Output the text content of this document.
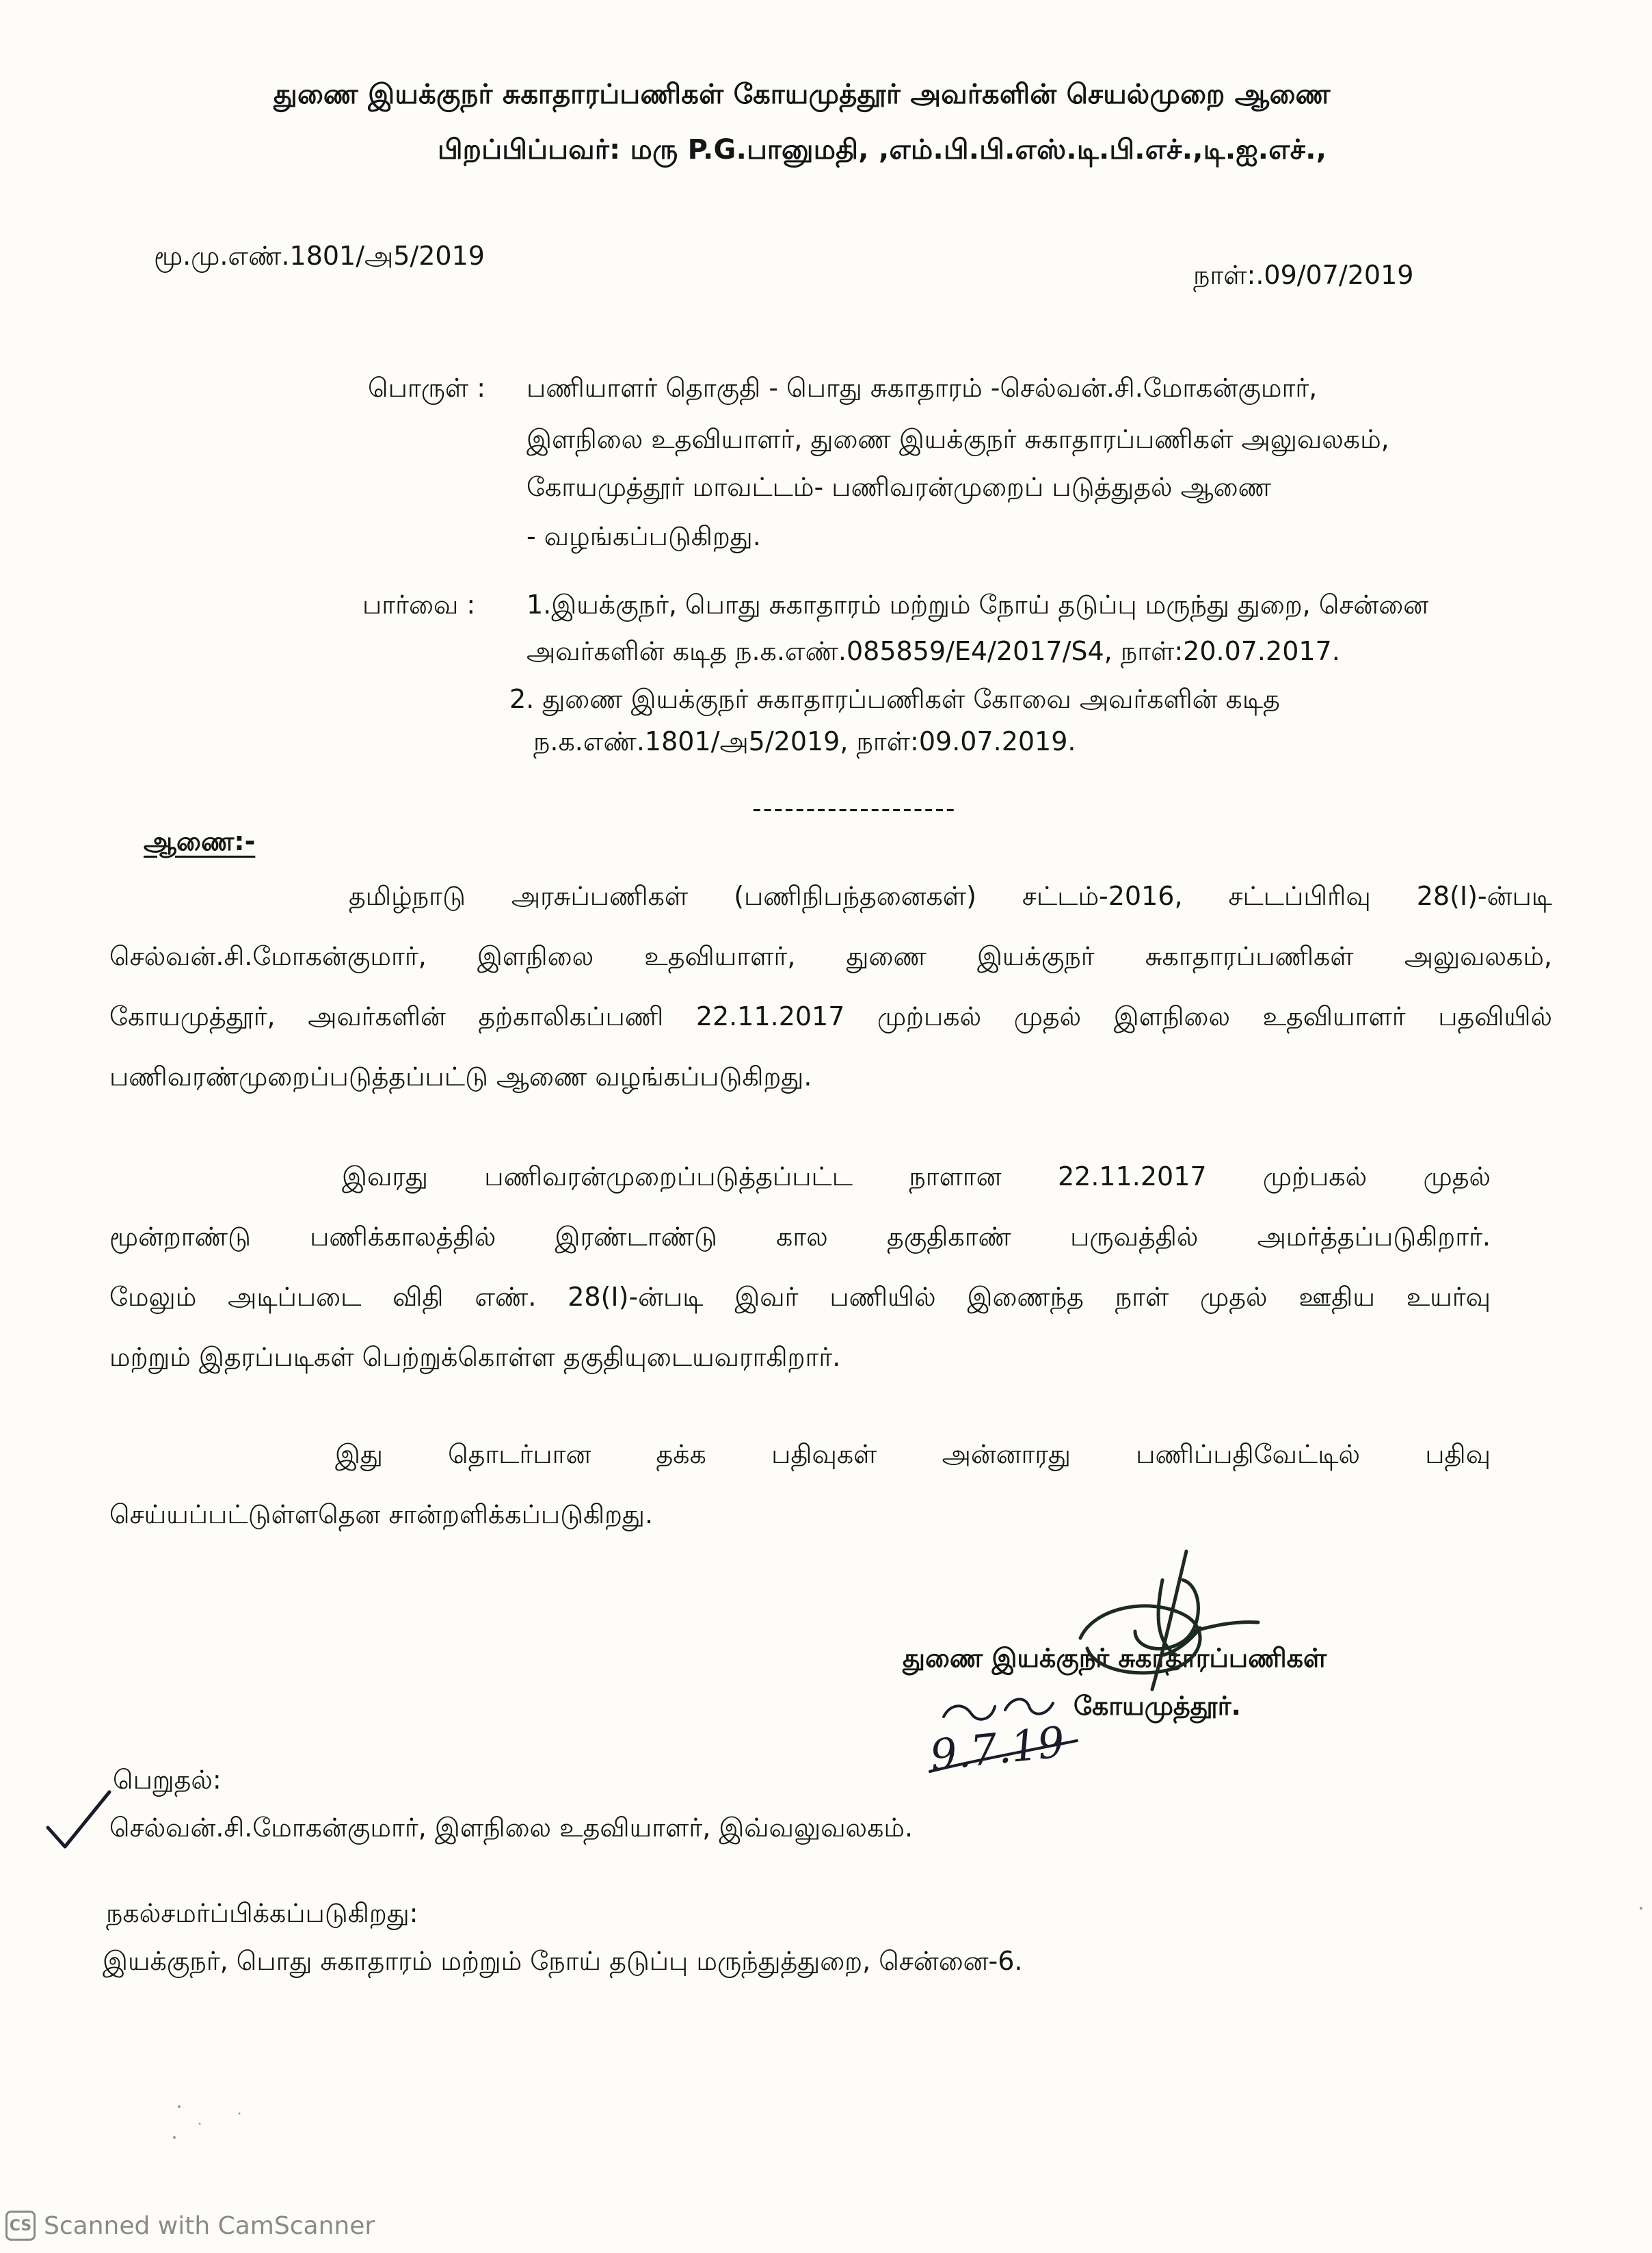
துணை இயக்குநர் சுகாதாரப்பணிகள் கோயமுத்தூர் அவர்களின் செயல்முறை ஆணை
பிறப்பிப்பவர்: மரு P.G.பானுமதி, ,எம்.பி.பி.எஸ்.டி.பி.எச்.,டி.ஐ.எச்.,
மூ.மு.எண்.1801/அ5/2019
நாள்:.09/07/2019
பொருள் : பணியாளர் தொகுதி - பொது சுகாதாரம் -செல்வன்.சி.மோகன்குமார்,
இளநிலை உதவியாளர், துணை இயக்குநர் சுகாதாரப்பணிகள் அலுவலகம்,
கோயமுத்தூர் மாவட்டம்- பணிவரன்முறைப் படுத்துதல் ஆணை
- வழங்கப்படுகிறது.
பார்வை : 1.இயக்குநர், பொது சுகாதாரம் மற்றும் நோய் தடுப்பு மருந்து துறை, சென்னை
அவர்களின் கடித ந.க.எண்.085859/E4/2017/S4, நாள்:20.07.2017.
2. துணை இயக்குநர் சுகாதாரப்பணிகள் கோவை அவர்களின் கடித
ந.க.எண்.1801/அ5/2019, நாள்:09.07.2019.
-------------------
ஆணை:-
தமிழ்நாடு அரசுப்பணிகள் (பணிநிபந்தனைகள்) சட்டம்-2016, சட்டப்பிரிவு 28(I)-ன்படி
செல்வன்.சி.மோகன்குமார், இளநிலை உதவியாளர், துணை இயக்குநர் சுகாதாரப்பணிகள் அலுவலகம்,
கோயமுத்தூர், அவர்களின் தற்காலிகப்பணி 22.11.2017 முற்பகல் முதல் இளநிலை உதவியாளர் பதவியில்
பணிவரண்முறைப்படுத்தப்பட்டு ஆணை வழங்கப்படுகிறது.
இவரது பணிவரன்முறைப்படுத்தப்பட்ட நாளான 22.11.2017 முற்பகல் முதல்
மூன்றாண்டு பணிக்காலத்தில் இரண்டாண்டு கால தகுதிகாண் பருவத்தில் அமர்த்தப்படுகிறார்.
மேலும் அடிப்படை விதி எண். 28(I)-ன்படி இவர் பணியில் இணைந்த நாள் முதல் ஊதிய உயர்வு
மற்றும் இதரப்படிகள் பெற்றுக்கொள்ள தகுதியுடையவராகிறார்.
இது தொடர்பான தக்க பதிவுகள் அன்னாரது பணிப்பதிவேட்டில் பதிவு
செய்யப்பட்டுள்ளதென சான்றளிக்கப்படுகிறது.
துணை இயக்குநர் சுகாதாரப்பணிகள்
கோயமுத்தூர்.
9.7.19
பெறுதல்:
செல்வன்.சி.மோகன்குமார், இளநிலை உதவியாளர், இவ்வலுவலகம்.
நகல்சமர்ப்பிக்கப்படுகிறது:
இயக்குநர், பொது சுகாதாரம் மற்றும் நோய் தடுப்பு மருந்துத்துறை, சென்னை-6.
CS Scanned with CamScanner
